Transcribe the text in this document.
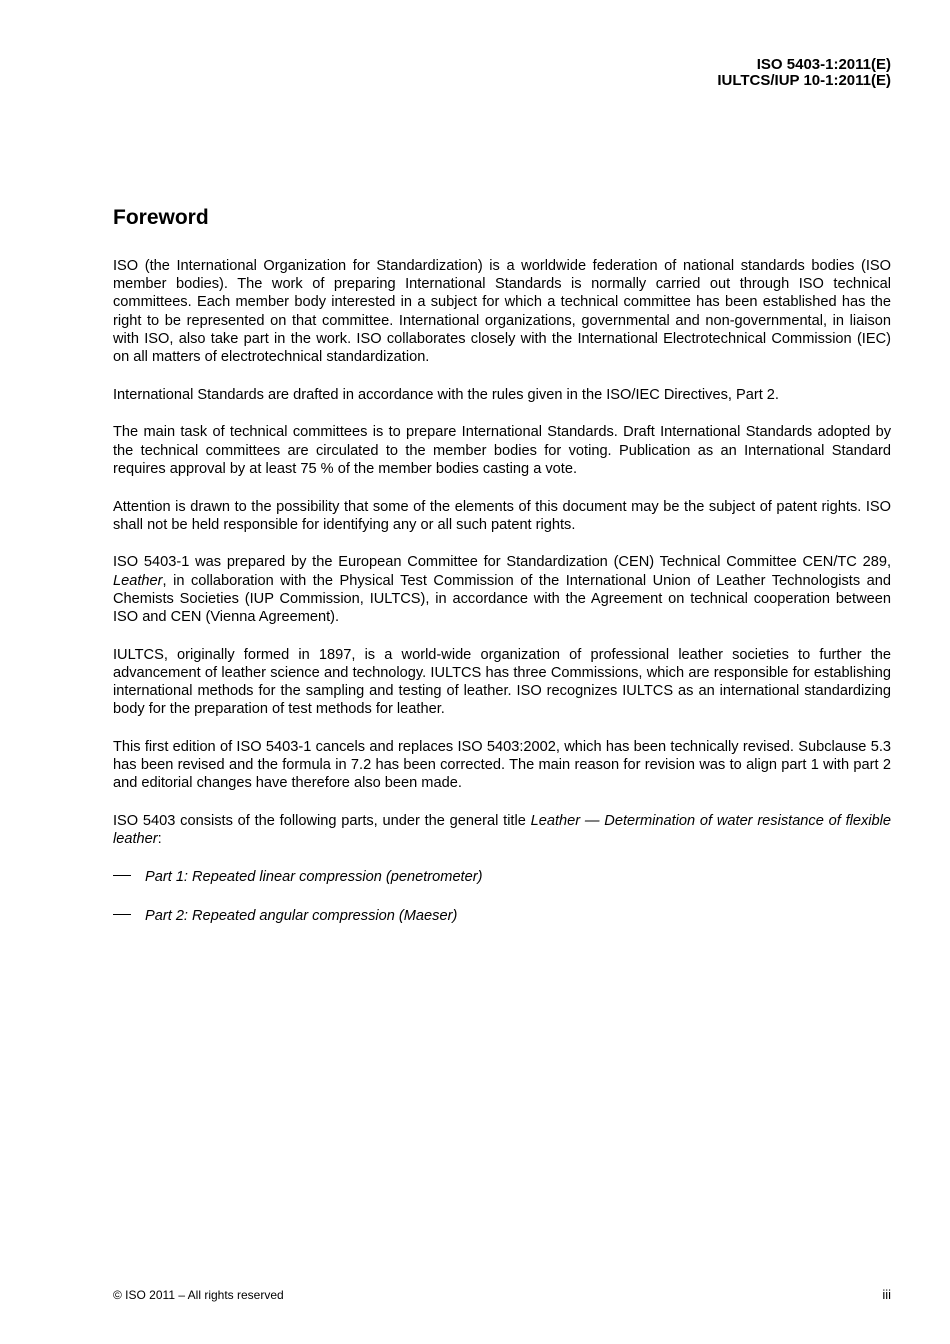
ISO 5403-1:2011(E)
IULTCS/IUP 10-1:2011(E)
Foreword

ISO (the International Organization for Standardization) is a worldwide federation of national standards bodies (ISO member bodies). The work of preparing International Standards is normally carried out through ISO technical committees. Each member body interested in a subject for which a technical committee has been established has the right to be represented on that committee. International organizations, governmental and non-governmental, in liaison with ISO, also take part in the work. ISO collaborates closely with the International Electrotechnical Commission (IEC) on all matters of electrotechnical standardization.

International Standards are drafted in accordance with the rules given in the ISO/IEC Directives, Part 2.

The main task of technical committees is to prepare International Standards. Draft International Standards adopted by the technical committees are circulated to the member bodies for voting. Publication as an International Standard requires approval by at least 75 % of the member bodies casting a vote.

Attention is drawn to the possibility that some of the elements of this document may be the subject of patent rights. ISO shall not be held responsible for identifying any or all such patent rights.

ISO 5403-1 was prepared by the European Committee for Standardization (CEN) Technical Committee CEN/TC 289, Leather, in collaboration with the Physical Test Commission of the International Union of Leather Technologists and Chemists Societies (IUP Commission, IULTCS), in accordance with the Agreement on technical cooperation between ISO and CEN (Vienna Agreement).

IULTCS, originally formed in 1897, is a world-wide organization of professional leather societies to further the advancement of leather science and technology. IULTCS has three Commissions, which are responsible for establishing international methods for the sampling and testing of leather. ISO recognizes IULTCS as an international standardizing body for the preparation of test methods for leather.

This first edition of ISO 5403-1 cancels and replaces ISO 5403:2002, which has been technically revised. Subclause 5.3 has been revised and the formula in 7.2 has been corrected. The main reason for revision was to align part 1 with part 2 and editorial changes have therefore also been made.

ISO 5403 consists of the following parts, under the general title Leather — Determination of water resistance of flexible leather:

Part 1: Repeated linear compression (penetrometer)
Part 2: Repeated angular compression (Maeser)
© ISO 2011 – All rights reserved	iii
